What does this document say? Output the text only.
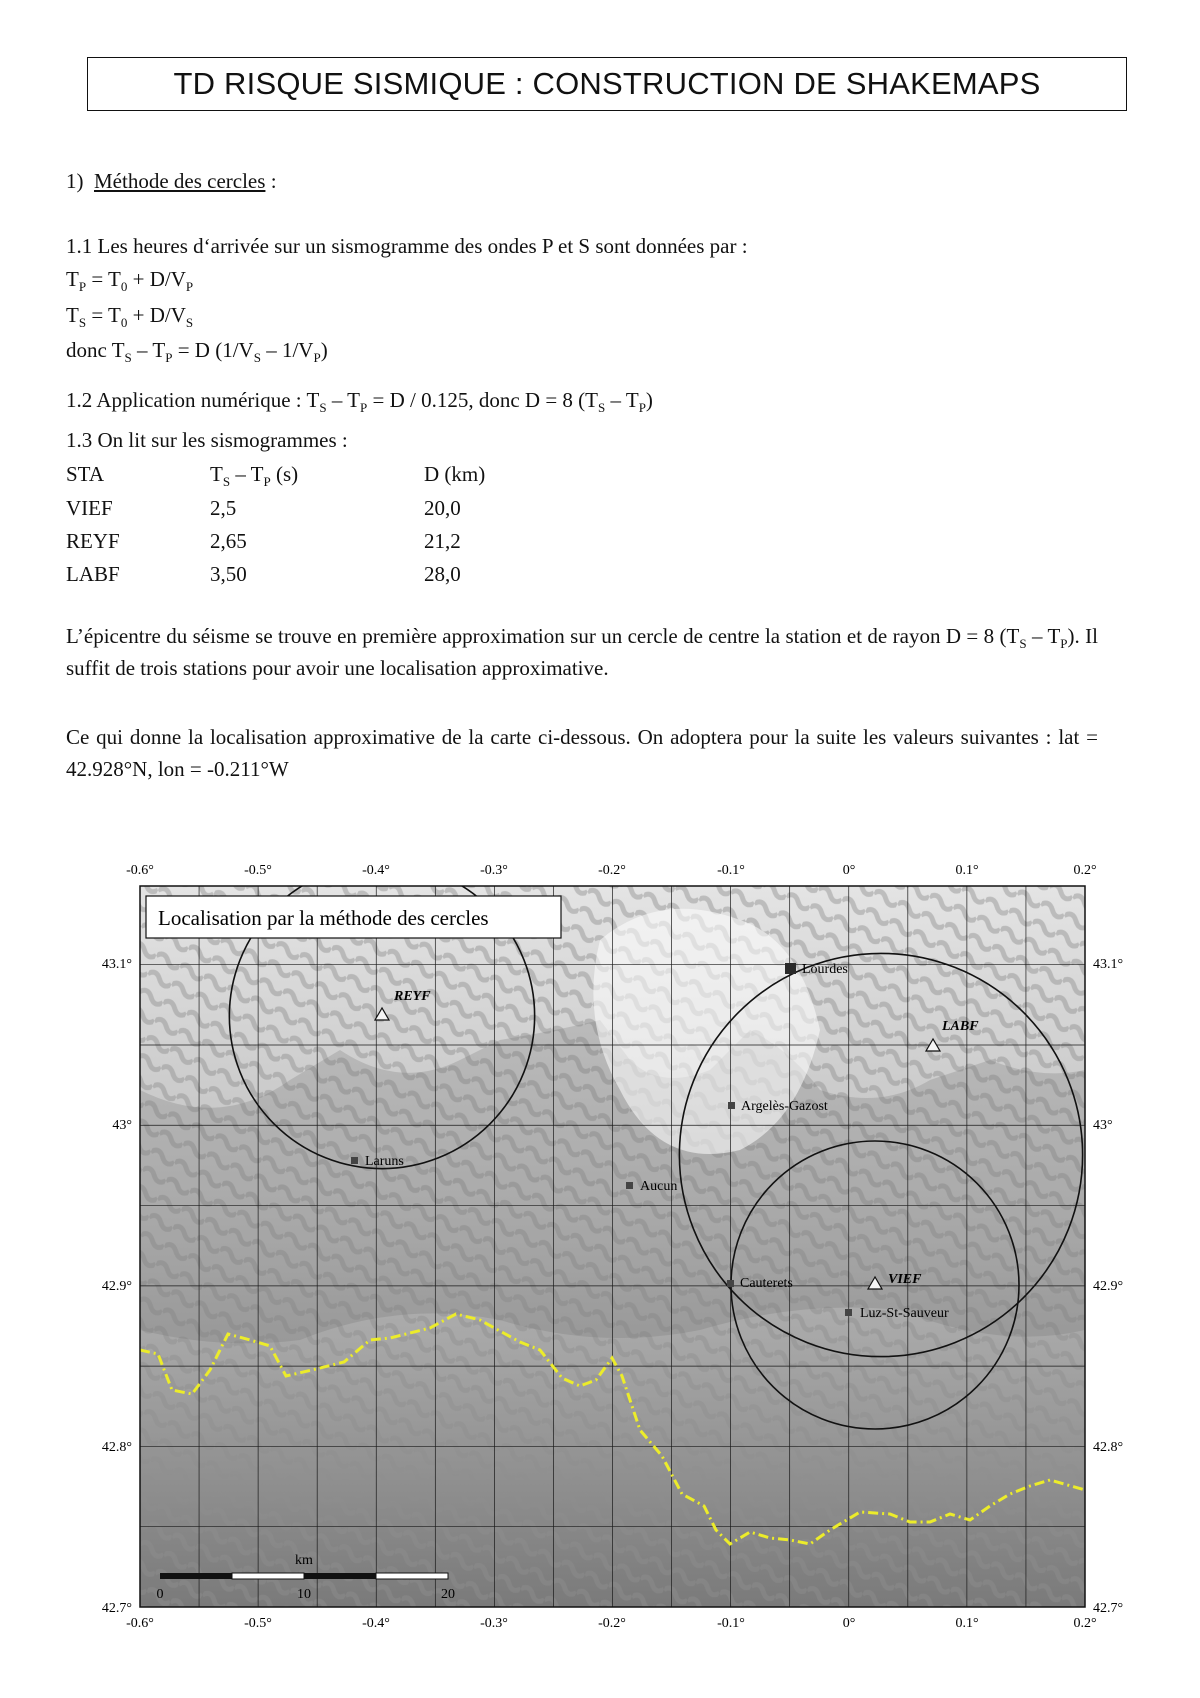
TD RISQUE SISMIQUE : CONSTRUCTION DE SHAKEMAPS
1) Méthode des cercles :
1.1 Les heures d‘arrivée sur un sismogramme des ondes P et S sont données par :
$T_P = T_0 + D/V_P$
$T_S = T_0 + D/V_S$
donc $T_S - T_P = D$ $(1/V_S - 1/V_P)$
1.2 Application numérique : $T_S - T_P = D / 0.125$, donc D = 8 $(T_S - T_P)$
1.3 On lit sur les sismogrammes :
STA	$T_S - T_P$ (s)	D (km)
VIEF	2,5	20,0
REYF	2,65	21,2
LABF	3,50	28,0
L’épicentre du séisme se trouve en première approximation sur un cercle de centre la station et de rayon D = 8 $(T_S - T_P)$. Il suffit de trois stations pour avoir une localisation approximative.
Ce qui donne la localisation approximative de la carte ci-dessous. On adoptera pour la suite les valeurs suivantes : lat = 42.928°N, lon = -0.211°W
-0.6°	-0.5°	-0.4°	-0.3°	-0.2°	-0.1°	0°	0.1°	0.2°
-0.6°	-0.5°	-0.4°	-0.3°	-0.2°	-0.1°	0°	0.1°	0.2°
42.7°
42.8°
42.9°
43°
43.1°
42.7°
42.8°
42.9°
43°
43.1°
REYF
LABF
VIEF
Lourdes
Argelès-Gazost
Laruns
Aucun
Cauterets
Luz-St-Sauveur
Localisation par la méthode des cercles
km
0	10	20
